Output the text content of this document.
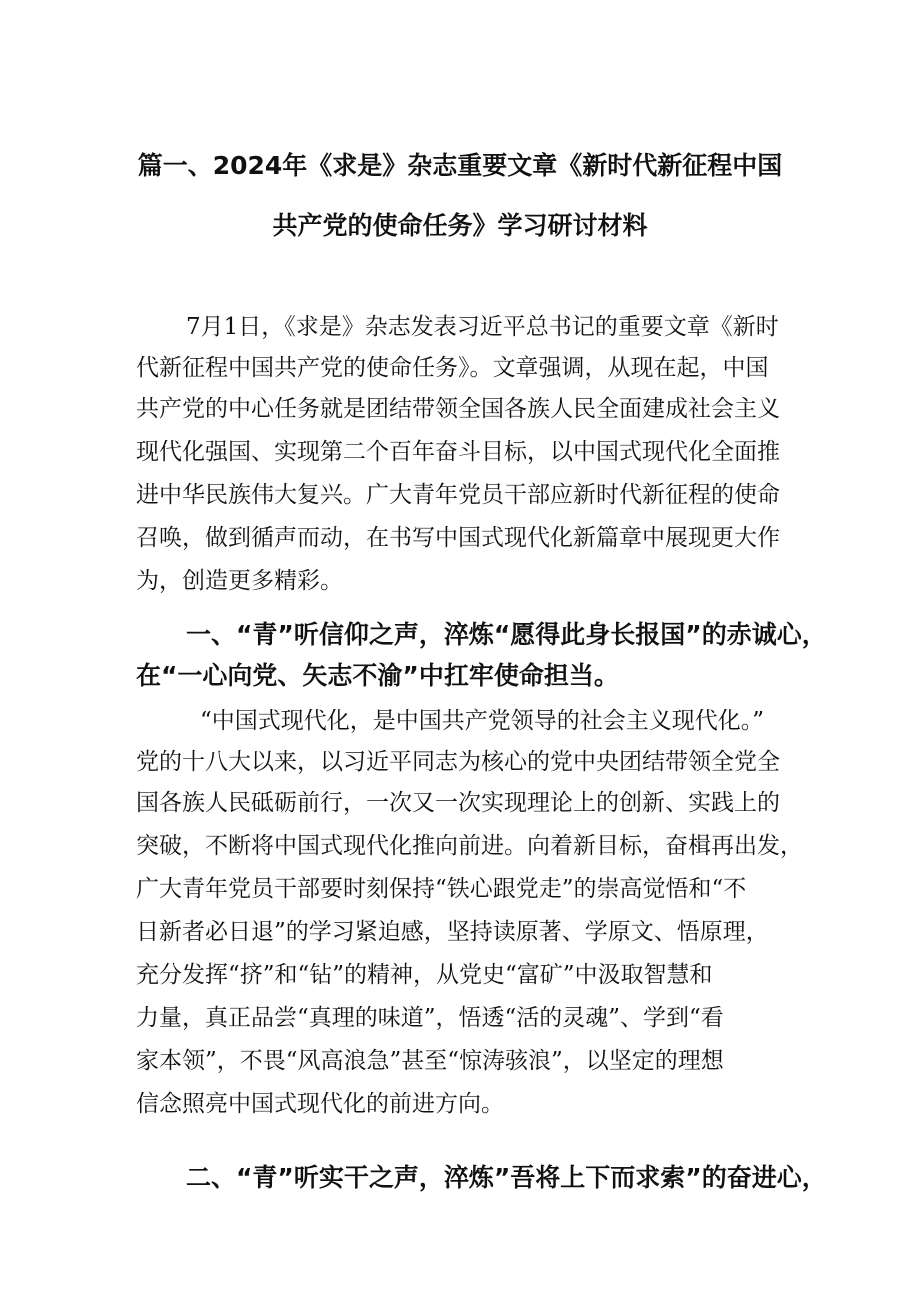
篇一、2024年《求是》杂志重要文章《新时代新征程中国
共产党的使命任务》学习研讨材料
7月1日，《求是》杂志发表习近平总书记的重要文章《新时
代新征程中国共产党的使命任务》。文章强调，从现在起，中国
共产党的中心任务就是团结带领全国各族人民全面建成社会主义
现代化强国、实现第二个百年奋斗目标，以中国式现代化全面推
进中华民族伟大复兴。广大青年党员干部应新时代新征程的使命
召唤，做到循声而动，在书写中国式现代化新篇章中展现更大作
为，创造更多精彩。
一、“青”听信仰之声，淬炼“愿得此身长报国”的赤诚心，
在“一心向党、矢志不渝”中扛牢使命担当。
“中国式现代化，是中国共产党领导的社会主义现代化。”
党的十八大以来，以习近平同志为核心的党中央团结带领全党全
国各族人民砥砺前行，一次又一次实现理论上的创新、实践上的
突破，不断将中国式现代化推向前进。向着新目标，奋楫再出发，
广大青年党员干部要时刻保持“铁心跟党走”的崇高觉悟和“不
日新者必日退”的学习紧迫感，坚持读原著、学原文、悟原理，
充分发挥“挤”和“钻”的精神，从党史“富矿”中汲取智慧和
力量，真正品尝“真理的味道”，悟透“活的灵魂”、学到“看
家本领”，不畏“风高浪急”甚至“惊涛骇浪”，以坚定的理想
信念照亮中国式现代化的前进方向。
二、“青”听实干之声，淬炼”吾将上下而求索”的奋进心，
